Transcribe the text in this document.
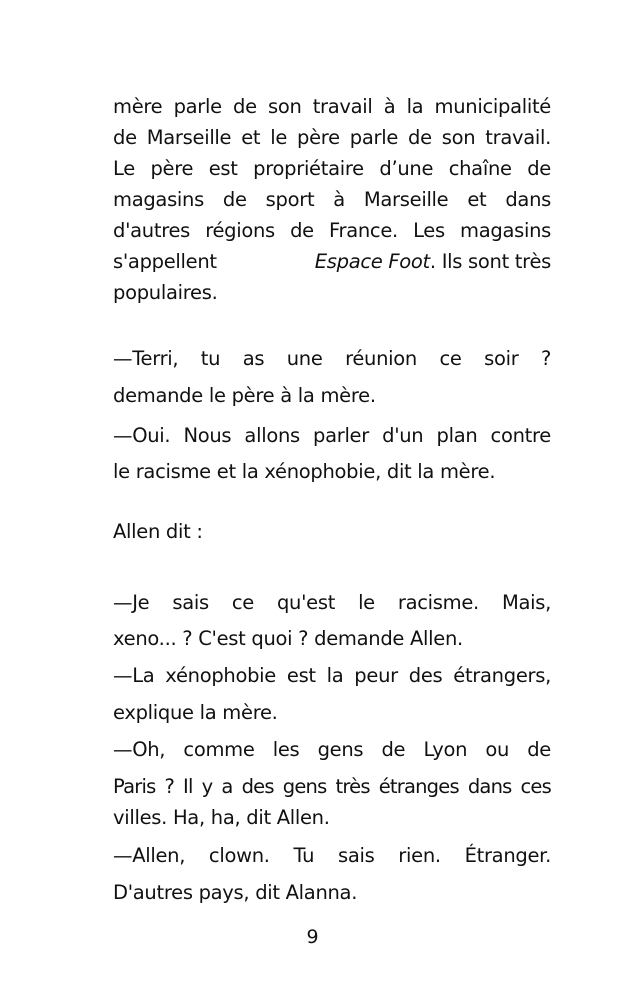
mère parle de son travail à la municipalité
de Marseille et le père parle de son travail.
Le père est propriétaire d’une chaîne de
magasins de sport à Marseille et dans
d'autres régions de France. Les magasins
s'appellent	Espace Foot. Ils sont très
populaires.
—Terri, tu as une réunion ce soir ?
demande le père à la mère.
—Oui. Nous allons parler d'un plan contre
le racisme et la xénophobie, dit la mère.
Allen dit :
—Je sais ce qu'est le racisme. Mais,
xeno... ? C'est quoi ? demande Allen.
—La xénophobie est la peur des étrangers,
explique la mère.
—Oh, comme les gens de Lyon ou de
Paris ? Il y a des gens très étranges dans ces
villes. Ha, ha, dit Allen.
—Allen, clown. Tu sais rien. Étranger.
D'autres pays, dit Alanna.
9
